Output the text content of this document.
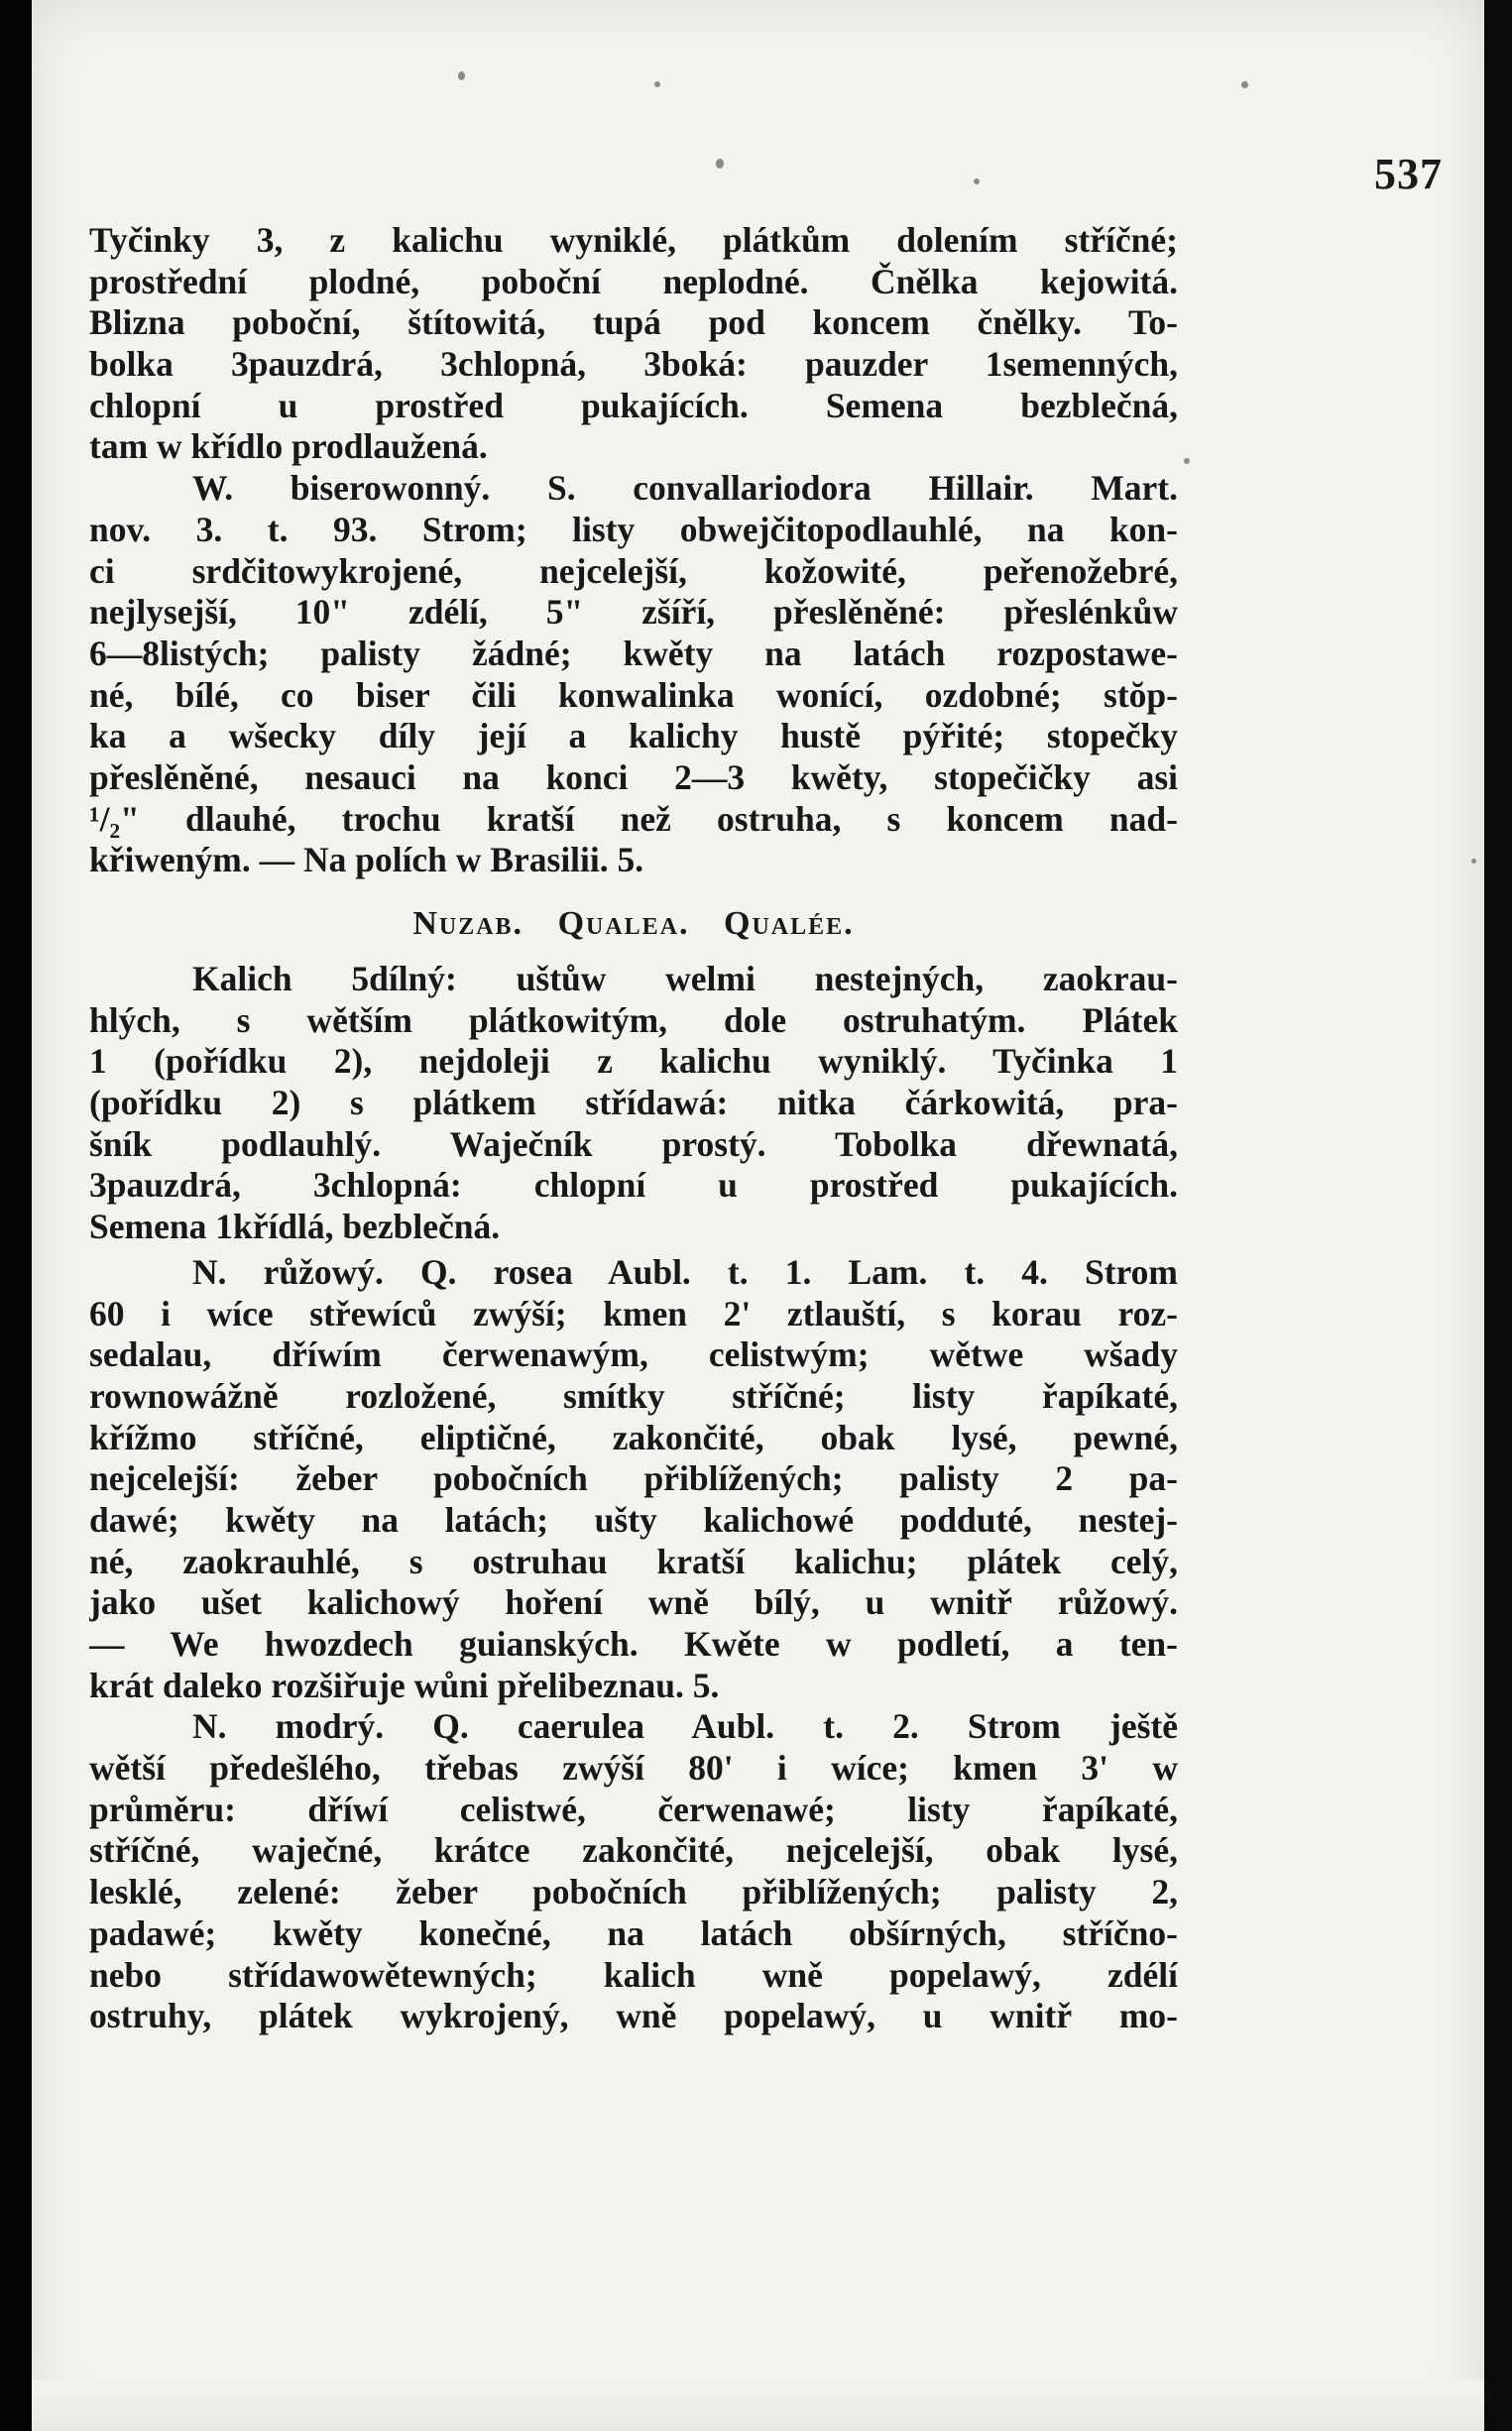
537
Tyčinky 3, z kalichu wyniklé, plátkům dolením stříčné;
prostřední plodné, poboční neplodné. Čnělka kejowitá.
Blizna poboční, štítowitá, tupá pod koncem čnělky. To-
bolka 3pauzdrá, 3chlopná, 3boká: pauzder 1semenných,
chlopní u prostřed pukajících. Semena bezblečná,
tam w křídlo prodlaužená.
W. biserowonný. S. convallariodora Hillair. Mart.
nov. 3. t. 93. Strom; listy obwejčitopodlauhlé, na kon-
ci srdčitowykrojené, nejcelejší, kožowité, peřenožebré,
nejlysejší, 10" zdélí, 5" zšíří, přeslěněné: přeslénkůw
6—8listých; palisty žádné; kwěty na latách rozpostawe-
né, bílé, co biser čili konwalinka wonící, ozdobné; stŏp-
ka a wšecky díly její a kalichy hustě pýřité; stopečky
přeslěněné, nesauci na konci 2—3 kwěty, stopečičky asi
¹/₂" dlauhé, trochu kratší než ostruha, s koncem nad-
křiweným. — Na polích w Brasilii. 5.
Nuzab. Qualea. Qualée.
Kalich 5dílný: uštůw welmi nestejných, zaokrau-
hlých, s wětším plátkowitým, dole ostruhatým. Plátek
1 (pořídku 2), nejdoleji z kalichu wyniklý. Tyčinka 1
(pořídku 2) s plátkem střídawá: nitka čárkowitá, pra-
šník podlauhlý. Waječník prostý. Tobolka dřewnatá,
3pauzdrá, 3chlopná: chlopní u prostřed pukajících.
Semena 1křídlá, bezblečná.
N. růžowý. Q. rosea Aubl. t. 1. Lam. t. 4. Strom
60 i wíce střewíců zwýší; kmen 2' ztlauští, s korau roz-
sedalau, dříwím čerwenawým, celistwým; wětwe wšady
rownowážně rozložené, smítky stříčné; listy řapíkaté,
křížmo stříčné, eliptičné, zakončité, obak lysé, pewné,
nejcelejší: žeber pobočních přiblížených; palisty 2 pa-
dawé; kwěty na latách; ušty kalichowé podduté, nestej-
né, zaokrauhlé, s ostruhau kratší kalichu; plátek celý,
jako ušet kalichowý hoření wně bílý, u wnitř růžowý.
— We hwozdech guianských. Kwěte w podletí, a ten-
krát daleko rozšiřuje wůni přelibeznau. 5.
N. modrý. Q. caerulea Aubl. t. 2. Strom ještě
wětší předešlého, třebas zwýší 80' i wíce; kmen 3' w
průměru: dříwí celistwé, čerwenawé; listy řapíkaté,
stříčné, waječné, krátce zakončité, nejcelejší, obak lysé,
lesklé, zelené: žeber pobočních přiblížených; palisty 2,
padawé; kwěty konečné, na latách obšírných, stříčno-
nebo střídawowětewných; kalich wně popelawý, zdélí
ostruhy, plátek wykrojený, wně popelawý, u wnitř mo-
